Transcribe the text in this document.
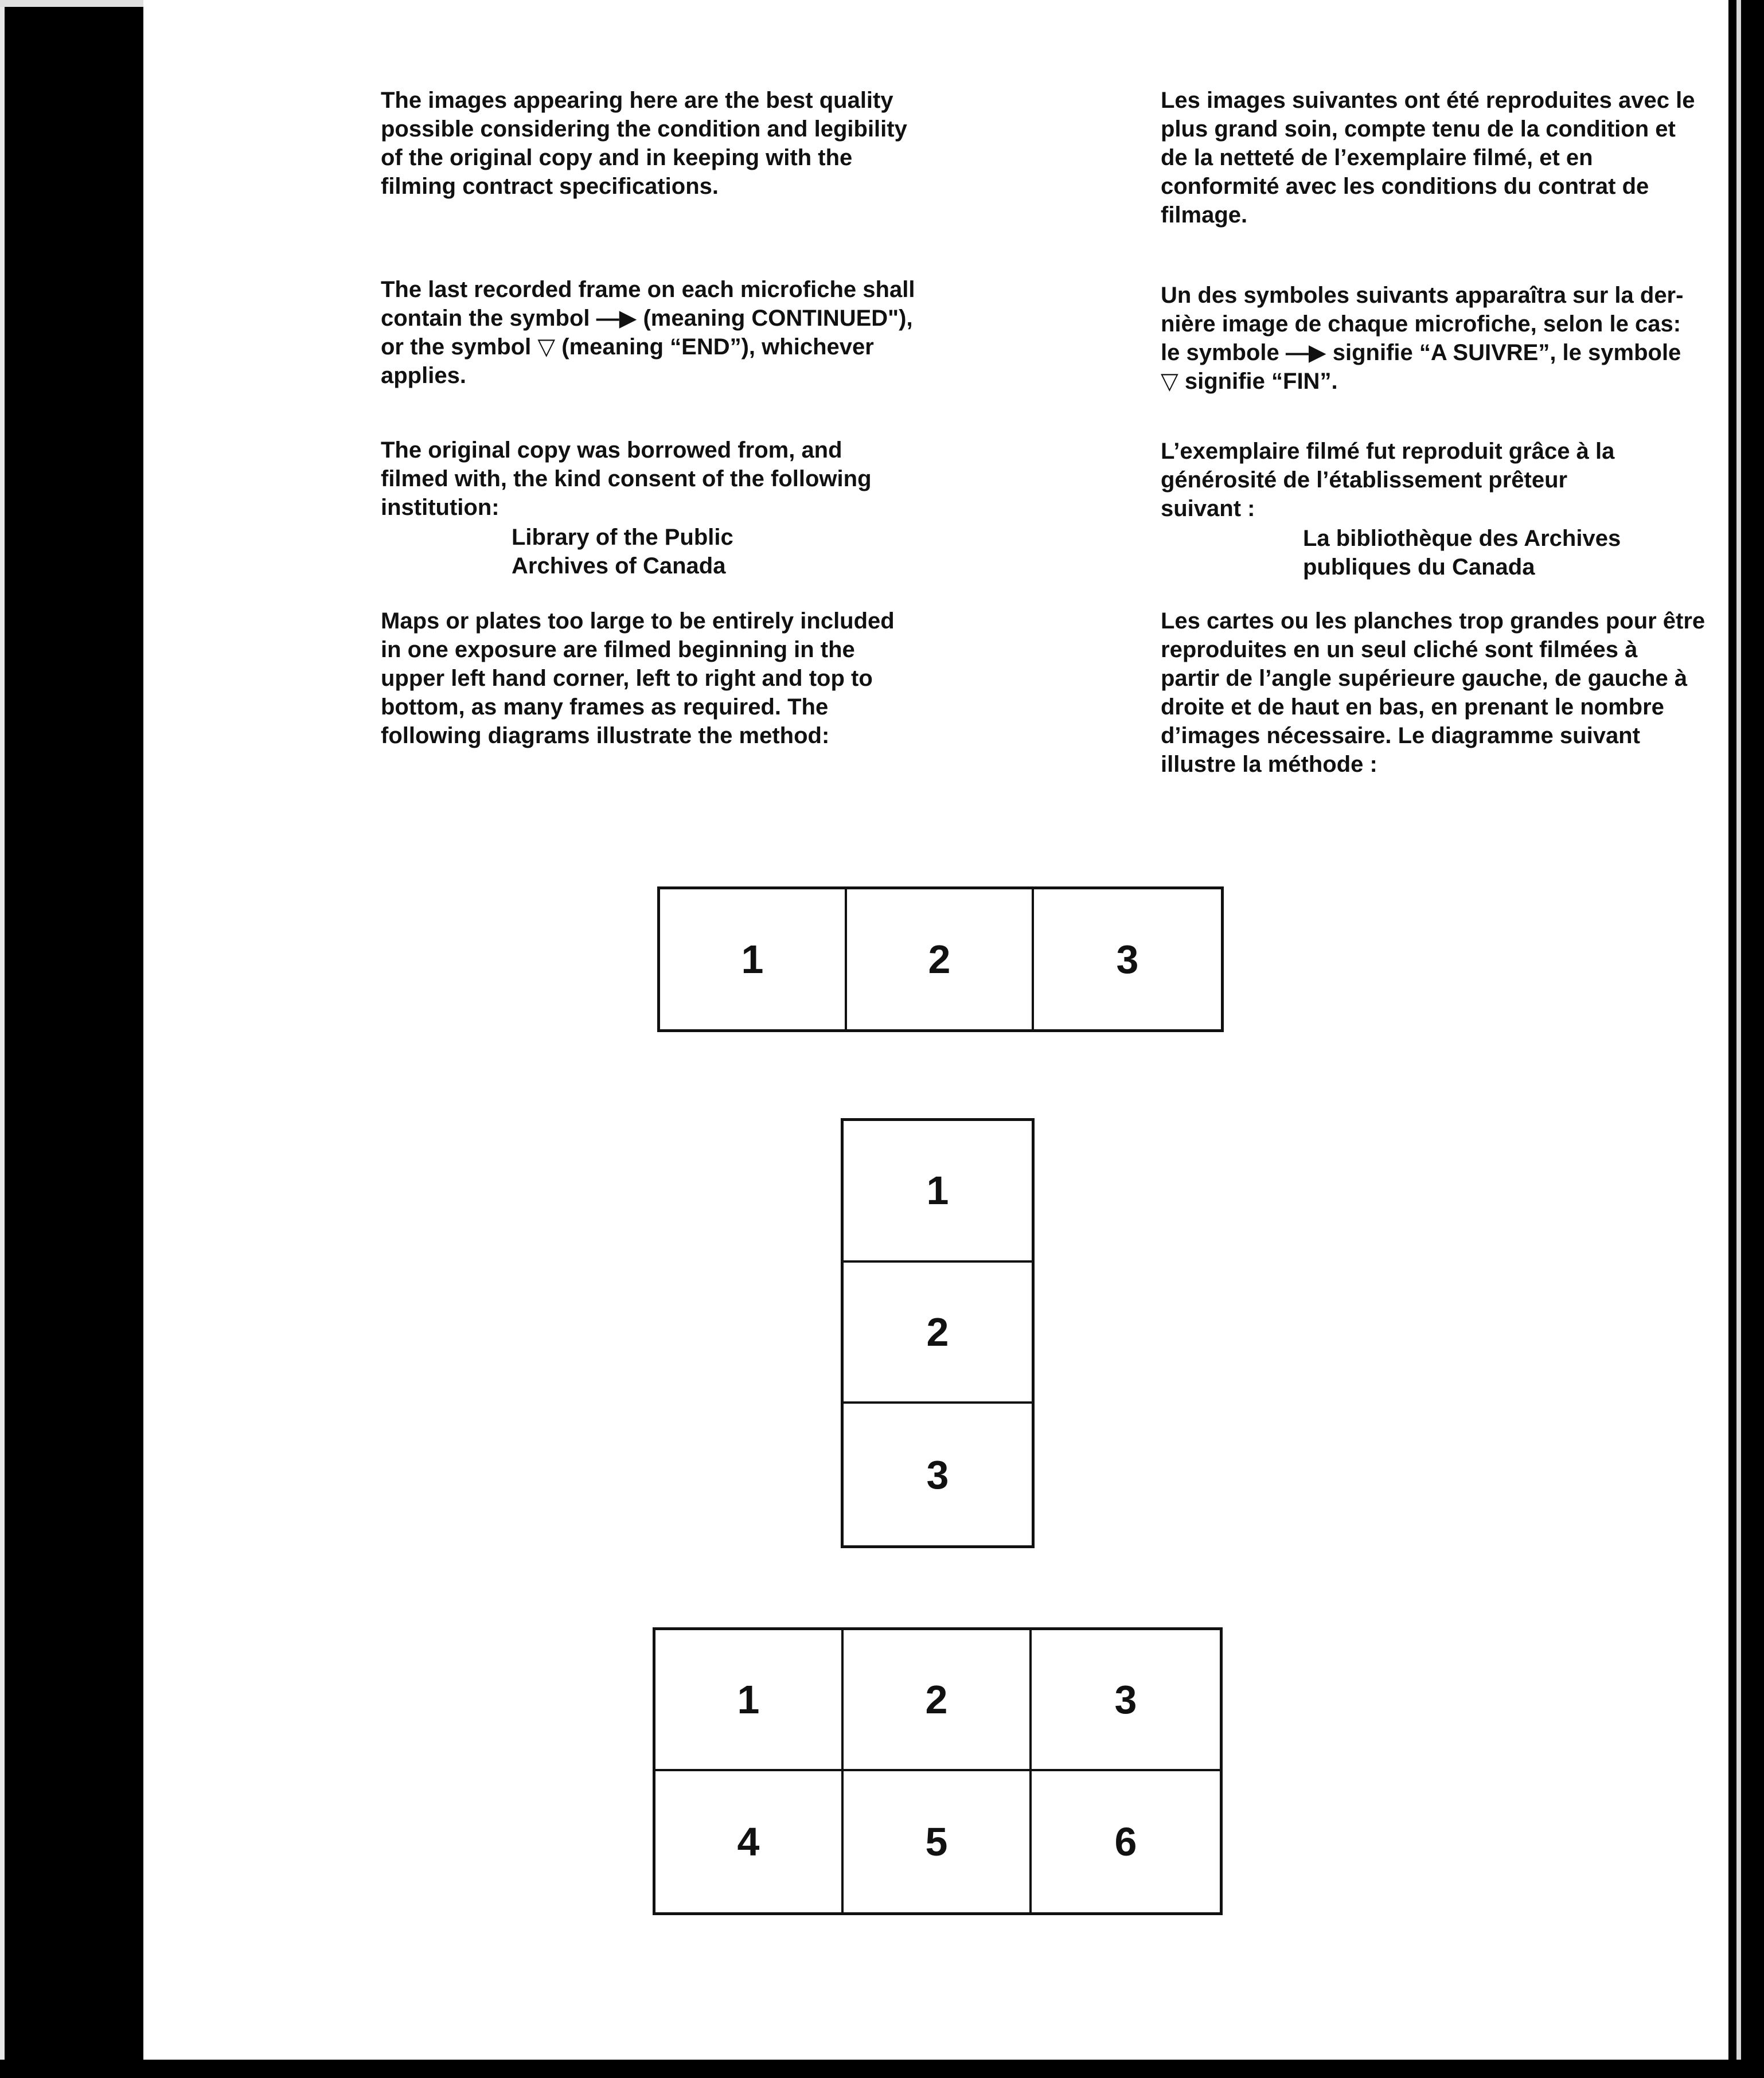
The images appearing here are the best quality
possible considering the condition and legibility
of the original copy and in keeping with the
filming contract specifications.

The last recorded frame on each microfiche shall
contain the symbol —▶ (meaning CONTINUED"),
or the symbol ▽ (meaning “END”), whichever
applies.

The original copy was borrowed from, and
filmed with, the kind consent of the following
institution:

Library of the Public
Archives of Canada

Maps or plates too large to be entirely included
in one exposure are filmed beginning in the
upper left hand corner, left to right and top to
bottom, as many frames as required. The
following diagrams illustrate the method:

Les images suivantes ont été reproduites avec le
plus grand soin, compte tenu de la condition et
de la netteté de l’exemplaire filmé, et en
conformité avec les conditions du contrat de
filmage.

Un des symboles suivants apparaîtra sur la der-
nière image de chaque microfiche, selon le cas:
le symbole —▶ signifie “A SUIVRE”, le symbole
▽ signifie “FIN”.

L’exemplaire filmé fut reproduit grâce à la
générosité de l’établissement prêteur
suivant :

La bibliothèque des Archives
publiques du Canada

Les cartes ou les planches trop grandes pour être
reproduites en un seul cliché sont filmées à
partir de l’angle supérieure gauche, de gauche à
droite et de haut en bas, en prenant le nombre
d’images nécessaire. Le diagramme suivant
illustre la méthode :

1	2	3
1
2
3
1	2	3
4	5	6
